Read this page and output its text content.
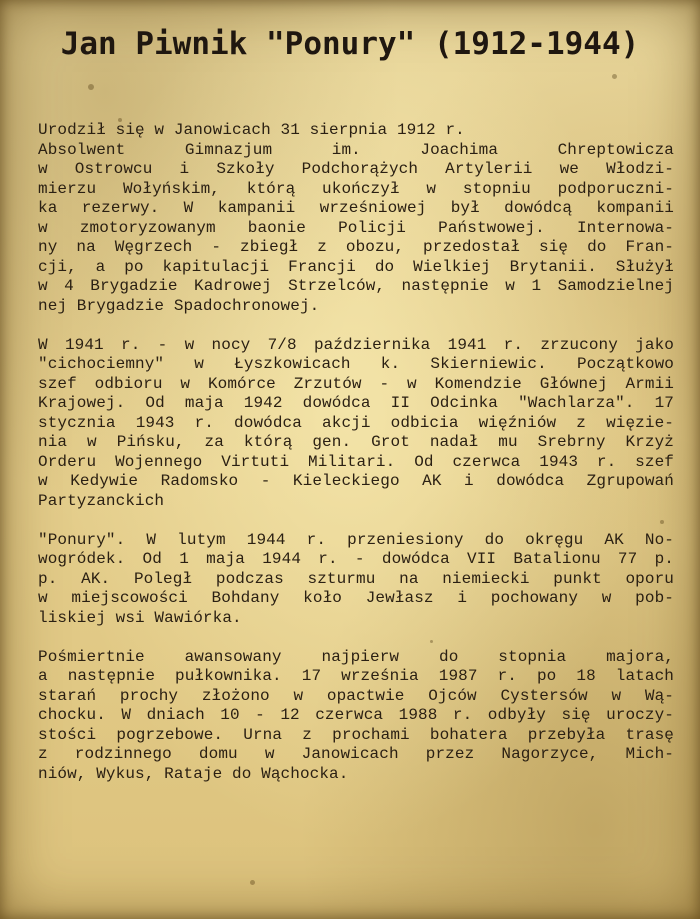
Jan Piwnik "Ponury" (1912-1944)
Urodził się w Janowicach 31 sierpnia 1912 r.
Absolwent Gimnazjum im. Joachima Chreptowicza
w Ostrowcu i Szkoły Podchorążych Artylerii we Włodzi-
mierzu Wołyńskim, którą ukończył w stopniu podporuczni-
ka rezerwy. W kampanii wrześniowej był dowódcą kompanii
w zmotoryzowanym baonie Policji Państwowej. Internowa-
ny na Węgrzech - zbiegł z obozu, przedostał się do Fran-
cji, a po kapitulacji Francji do Wielkiej Brytanii. Służył
w 4 Brygadzie Kadrowej Strzelców, następnie w 1 Samodzielnej
nej Brygadzie Spadochronowej.
W 1941 r. - w nocy 7/8 października 1941 r. zrzucony jako
"cichociemny" w Łyszkowicach k. Skierniewic. Początkowo
szef odbioru w Komórce Zrzutów - w Komendzie Głównej Armii
Krajowej. Od maja 1942 dowódca II Odcinka "Wachlarza". 17
stycznia 1943 r. dowódca akcji odbicia więźniów z więzie-
nia w Pińsku, za którą gen. Grot nadał mu Srebrny Krzyż
Orderu Wojennego Virtuti Militari. Od czerwca 1943 r. szef
w Kedywie Radomsko - Kieleckiego AK i dowódca Zgrupowań
Partyzanckich
"Ponury". W lutym 1944 r. przeniesiony do okręgu AK No-
wogródek. Od 1 maja 1944 r. - dowódca VII Batalionu 77 p.
p. AK. Poległ podczas szturmu na niemiecki punkt oporu
w miejscowości Bohdany koło Jewłasz i pochowany w pob-
liskiej wsi Wawiórka.
Pośmiertnie awansowany najpierw do stopnia majora,
a następnie pułkownika. 17 września 1987 r. po 18 latach
starań prochy złożono w opactwie Ojców Cystersów w Wą-
chocku. W dniach 10 - 12 czerwca 1988 r. odbyły się uroczy-
stości pogrzebowe. Urna z prochami bohatera przebyła trasę
z rodzinnego domu w Janowicach przez Nagorzyce, Mich-
niów, Wykus, Rataje do Wąchocka.
